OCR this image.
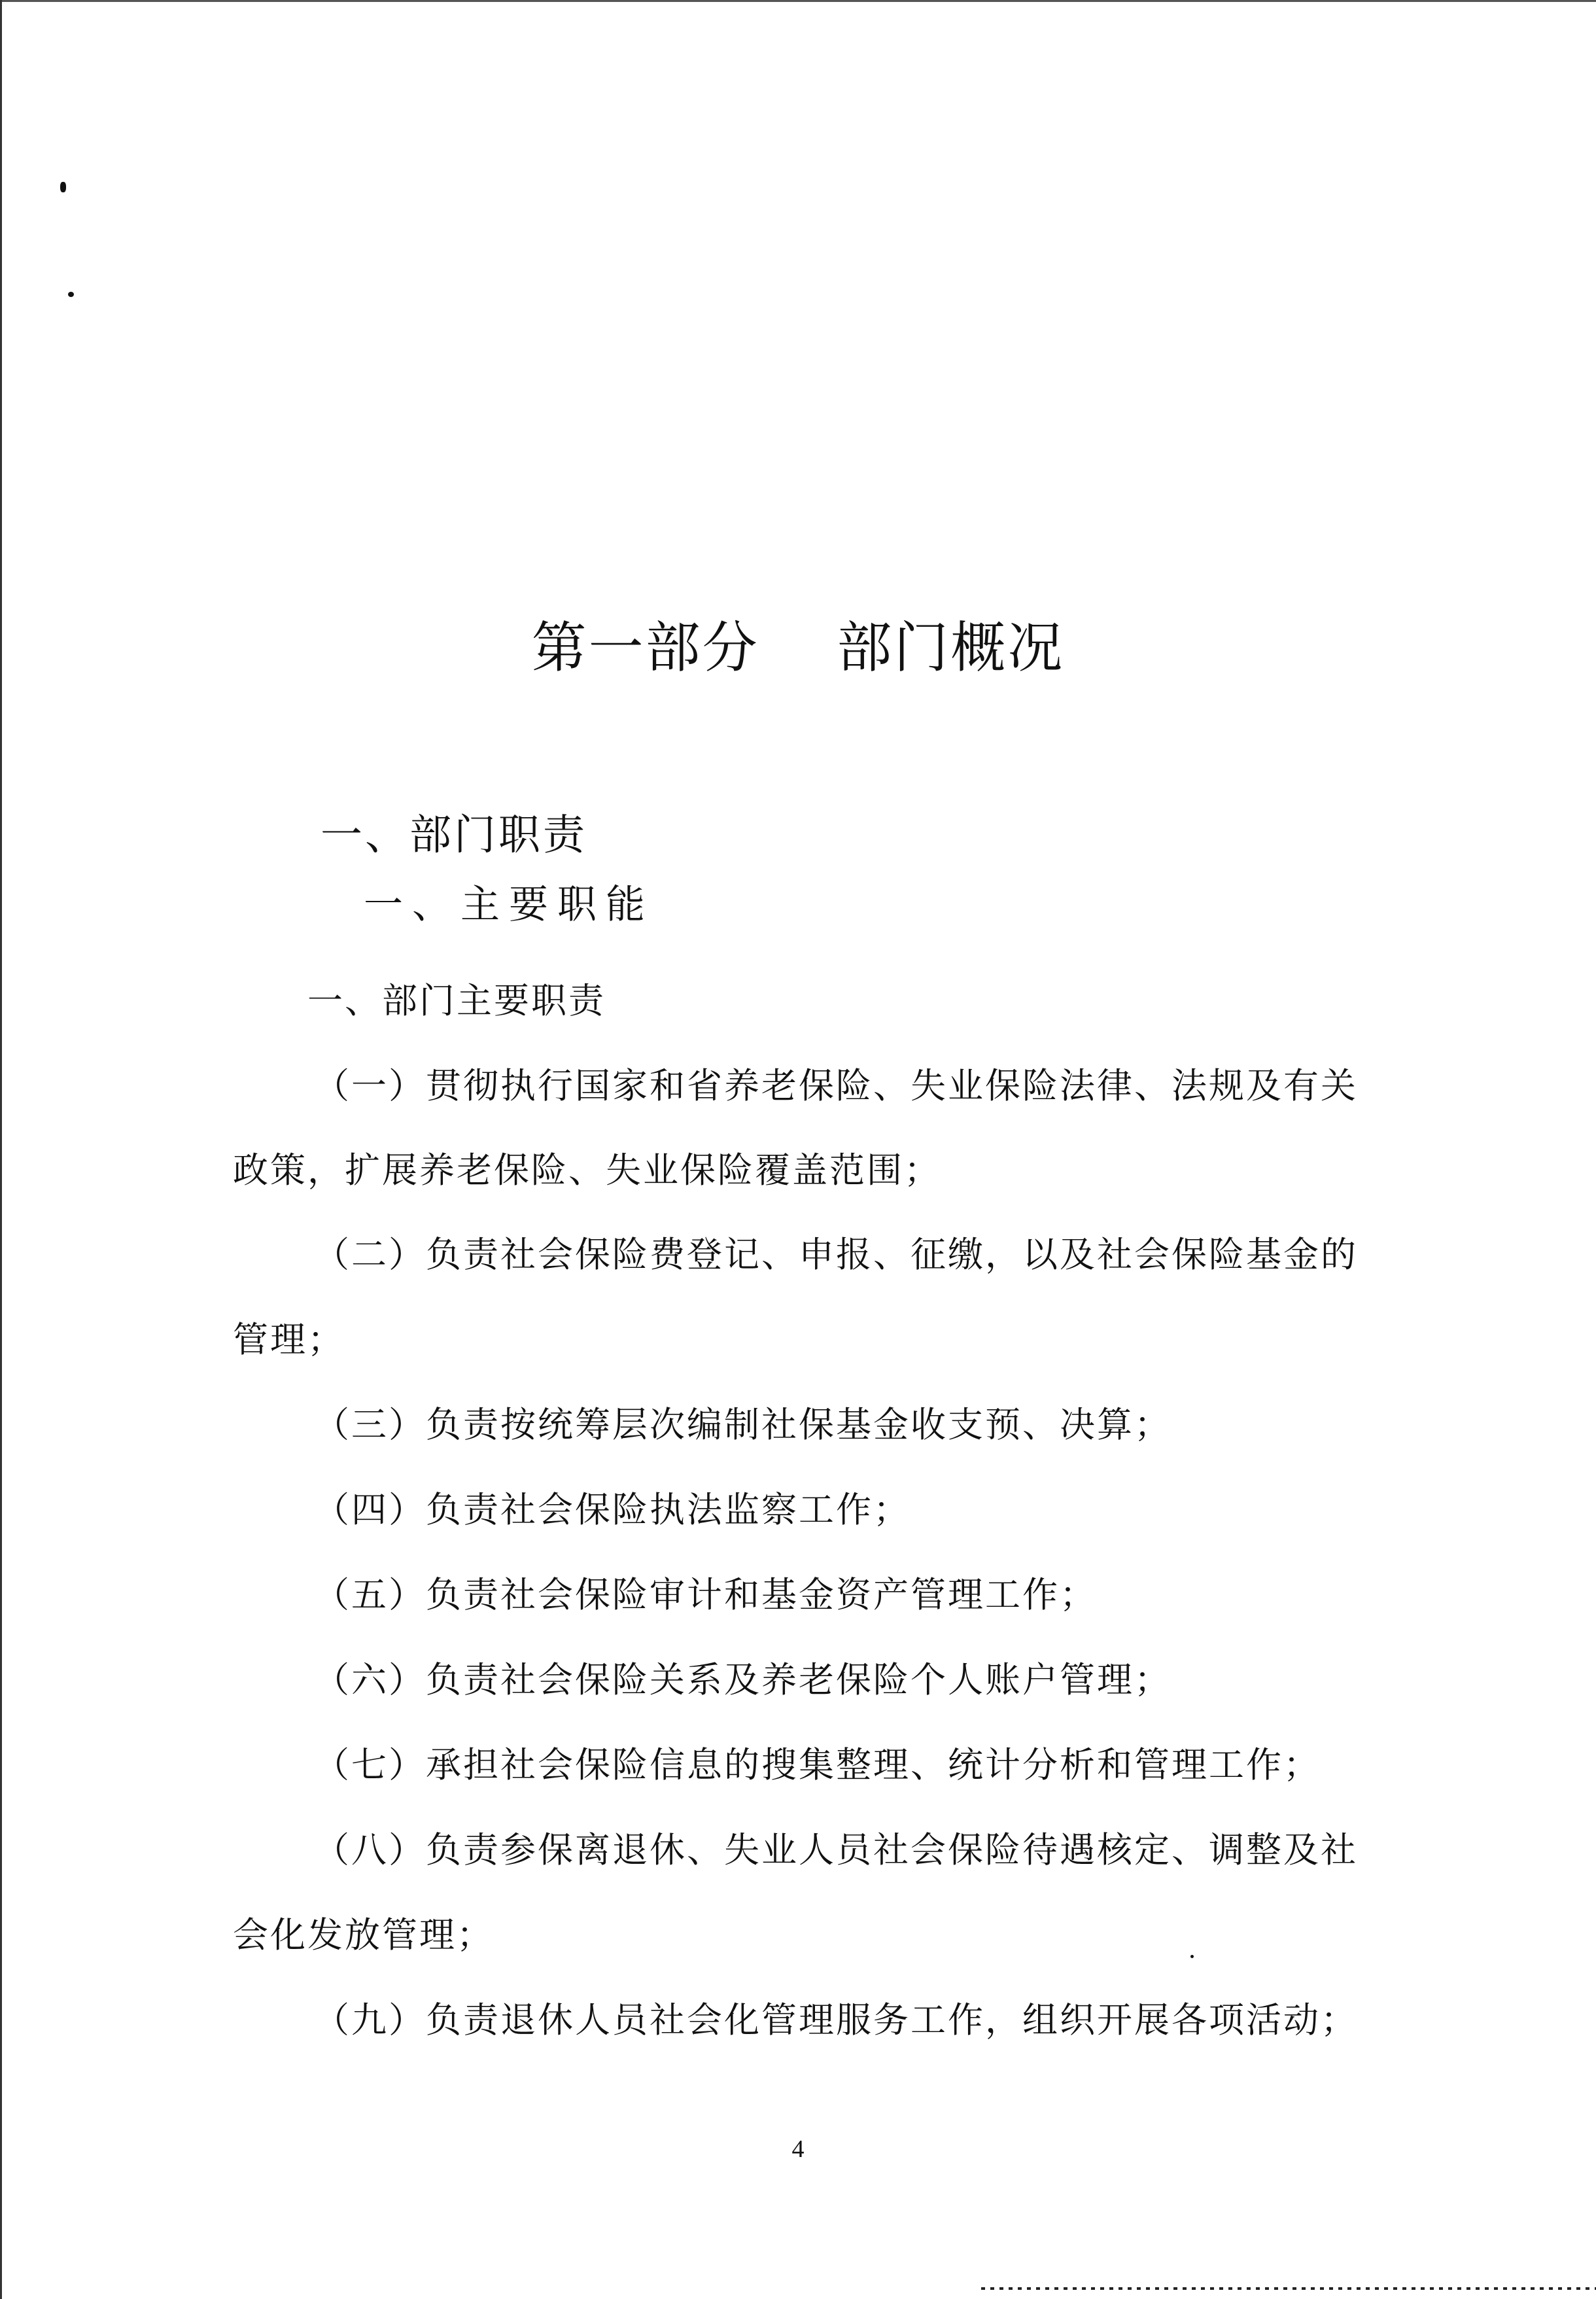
第一部分    部门概况
一、部门职责
一、主要职能
一、部门主要职责
（一）贯彻执行国家和省养老保险、失业保险法律、法规及有关
政策，扩展养老保险、失业保险覆盖范围；
（二）负责社会保险费登记、申报、征缴，以及社会保险基金的
管理；
（三）负责按统筹层次编制社保基金收支预、决算；
（四）负责社会保险执法监察工作；
（五）负责社会保险审计和基金资产管理工作；
（六）负责社会保险关系及养老保险个人账户管理；
（七）承担社会保险信息的搜集整理、统计分析和管理工作；
（八）负责参保离退休、失业人员社会保险待遇核定、调整及社
会化发放管理；
（九）负责退休人员社会化管理服务工作，组织开展各项活动；
4
